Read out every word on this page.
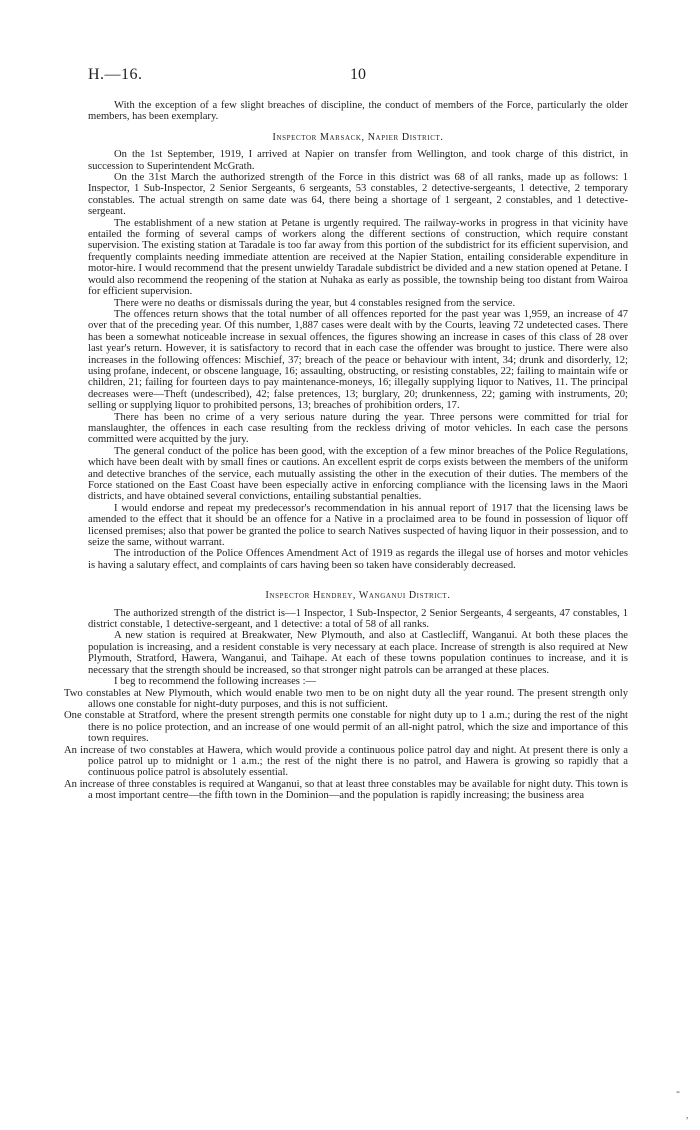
H.—16.	10

With the exception of a few slight breaches of discipline, the conduct of members of the Force, particularly the older members, has been exemplary.

Inspector Marsack, Napier District.

On the 1st September, 1919, I arrived at Napier on transfer from Wellington, and took charge of this district, in succession to Superintendent McGrath.

On the 31st March the authorized strength of the Force in this district was 68 of all ranks, made up as follows: 1 Inspector, 1 Sub-Inspector, 2 Senior Sergeants, 6 sergeants, 53 constables, 2 detective-sergeants, 1 detective, 2 temporary constables. The actual strength on same date was 64, there being a shortage of 1 sergeant, 2 constables, and 1 detective-sergeant.

The establishment of a new station at Petane is urgently required. The railway-works in progress in that vicinity have entailed the forming of several camps of workers along the different sections of construction, which require constant supervision. The existing station at Taradale is too far away from this portion of the subdistrict for its efficient supervision, and frequently complaints needing immediate attention are received at the Napier Station, entailing considerable expenditure in motor-hire. I would recommend that the present unwieldy Taradale subdistrict be divided and a new station opened at Petane. I would also recommend the reopening of the station at Nuhaka as early as possible, the township being too distant from Wairoa for efficient supervision.

There were no deaths or dismissals during the year, but 4 constables resigned from the service.

The offences return shows that the total number of all offences reported for the past year was 1,959, an increase of 47 over that of the preceding year. Of this number, 1,887 cases were dealt with by the Courts, leaving 72 undetected cases. There has been a somewhat noticeable increase in sexual offences, the figures showing an increase in cases of this class of 28 over last year's return. However, it is satisfactory to record that in each case the offender was brought to justice. There were also increases in the following offences: Mischief, 37; breach of the peace or behaviour with intent, 34; drunk and disorderly, 12; using profane, indecent, or obscene language, 16; assaulting, obstructing, or resisting constables, 22; failing to maintain wife or children, 21; failing for fourteen days to pay maintenance-moneys, 16; illegally supplying liquor to Natives, 11. The principal decreases were—Theft (undescribed), 42; false pretences, 13; burglary, 20; drunkenness, 22; gaming with instruments, 20; selling or supplying liquor to prohibited persons, 13; breaches of prohibition orders, 17.

There has been no crime of a very serious nature during the year. Three persons were committed for trial for manslaughter, the offences in each case resulting from the reckless driving of motor vehicles. In each case the persons committed were acquitted by the jury.

The general conduct of the police has been good, with the exception of a few minor breaches of the Police Regulations, which have been dealt with by small fines or cautions. An excellent esprit de corps exists between the members of the uniform and detective branches of the service, each mutually assisting the other in the execution of their duties. The members of the Force stationed on the East Coast have been especially active in enforcing compliance with the licensing laws in the Maori districts, and have obtained several convictions, entailing substantial penalties.

I would endorse and repeat my predecessor's recommendation in his annual report of 1917 that the licensing laws be amended to the effect that it should be an offence for a Native in a proclaimed area to be found in possession of liquor off licensed premises; also that power be granted the police to search Natives suspected of having liquor in their possession, and to seize the same, without warrant.

The introduction of the Police Offences Amendment Act of 1919 as regards the illegal use of horses and motor vehicles is having a salutary effect, and complaints of cars having been so taken have considerably decreased.

Inspector Hendrey, Wanganui District.

The authorized strength of the district is—1 Inspector, 1 Sub-Inspector, 2 Senior Sergeants, 4 sergeants, 47 constables, 1 district constable, 1 detective-sergeant, and 1 detective: a total of 58 of all ranks.

A new station is required at Breakwater, New Plymouth, and also at Castlecliff, Wanganui. At both these places the population is increasing, and a resident constable is very necessary at each place. Increase of strength is also required at New Plymouth, Stratford, Hawera, Wanganui, and Taihape. At each of these towns population continues to increase, and it is necessary that the strength should be increased, so that stronger night patrols can be arranged at these places.

I beg to recommend the following increases :—

Two constables at New Plymouth, which would enable two men to be on night duty all the year round. The present strength only allows one constable for night-duty purposes, and this is not sufficient.

One constable at Stratford, where the present strength permits one constable for night duty up to 1 a.m.; during the rest of the night there is no police protection, and an increase of one would permit of an all-night patrol, which the size and importance of this town requires.

An increase of two constables at Hawera, which would provide a continuous police patrol day and night. At present there is only a police patrol up to midnight or 1 a.m.; the rest of the night there is no patrol, and Hawera is growing so rapidly that a continuous police patrol is absolutely essential.

An increase of three constables is required at Wanganui, so that at least three constables may be available for night duty. This town is a most important centre—the fifth town in the Dominion—and the population is rapidly increasing; the business area

-
,
